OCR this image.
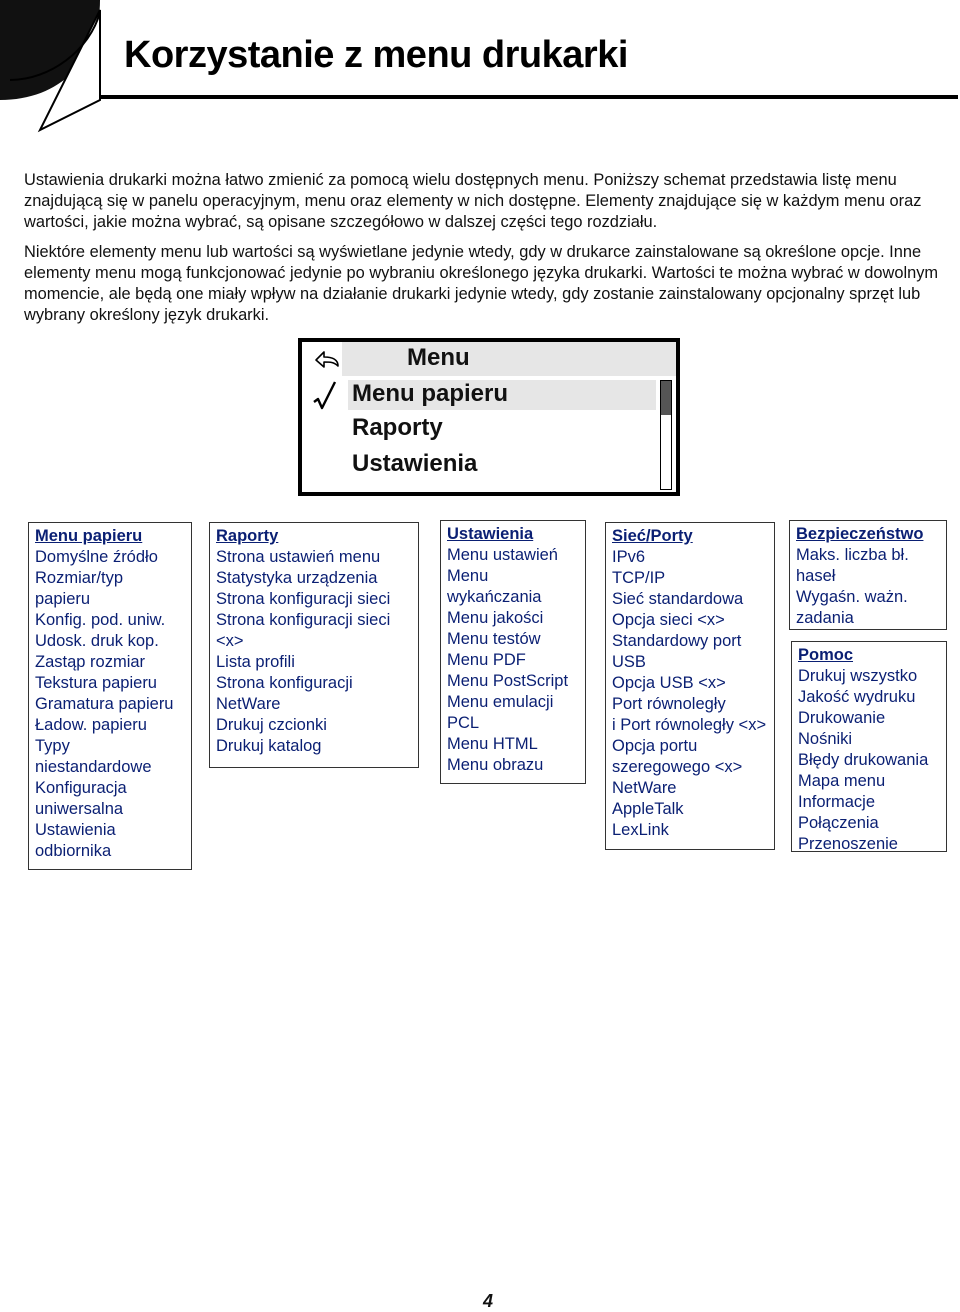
Korzystanie z menu drukarki

Ustawienia drukarki można łatwo zmienić za pomocą wielu dostępnych menu. Poniższy schemat przedstawia listę menu znajdującą się w panelu operacyjnym, menu oraz elementy w nich dostępne. Elementy znajdujące się w każdym menu oraz wartości, jakie można wybrać, są opisane szczegółowo w dalszej części tego rozdziału.

Niektóre elementy menu lub wartości są wyświetlane jedynie wtedy, gdy w drukarce zainstalowane są określone opcje. Inne elementy menu mogą funkcjonować jedynie po wybraniu określonego języka drukarki. Wartości te można wybrać w dowolnym momencie, ale będą one miały wpływ na działanie drukarki jedynie wtedy, gdy zostanie zainstalowany opcjonalny sprzęt lub wybrany określony język drukarki.

Menu
Menu papieru
Raporty
Ustawienia
Menu papieru
Domyślne źródło
Rozmiar/typ
papieru
Konfig. pod. uniw.
Udosk. druk kop.
Zastąp rozmiar
Tekstura papieru
Gramatura papieru
Ładow. papieru
Typy
niestandardowe
Konfiguracja
uniwersalna
Ustawienia
odbiornika
Raporty
Strona ustawień menu
Statystyka urządzenia
Strona konfiguracji sieci
Strona konfiguracji sieci
<x>
Lista profili
Strona konfiguracji
NetWare
Drukuj czcionki
Drukuj katalog
Ustawienia
Menu ustawień
Menu
wykańczania
Menu jakości
Menu testów
Menu PDF
Menu PostScript
Menu emulacji
PCL
Menu HTML
Menu obrazu
Sieć/Porty
IPv6
TCP/IP
Sieć standardowa
Opcja sieci <x>
Standardowy port
USB
Opcja USB <x>
Port równoległy
i Port równoległy <x>
Opcja portu
szeregowego <x>
NetWare
AppleTalk
LexLink
Bezpieczeństwo
Maks. liczba bł.
haseł
Wygaśn. ważn.
zadania
Pomoc
Drukuj wszystko
Jakość wydruku
Drukowanie
Nośniki
Błędy drukowania
Mapa menu
Informacje
Połączenia
Przenoszenie
4
